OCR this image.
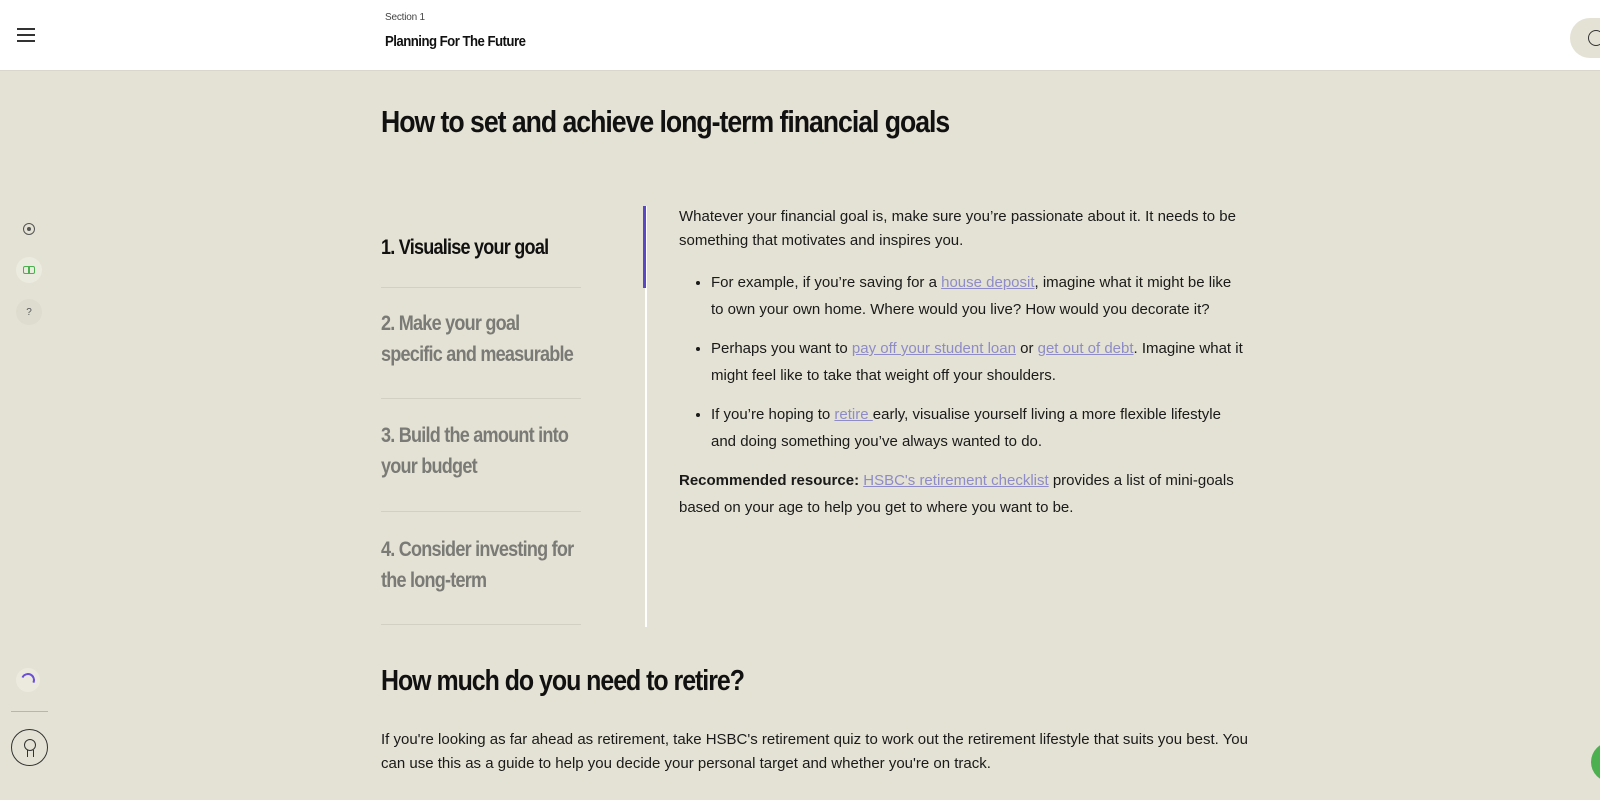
Section 1
Planning For The Future
?
How to set and achieve long-term financial goals
1. Visualise your goal
2. Make your goal specific and measurable
3. Build the amount into your budget
4. Consider investing for the long-term

Whatever your financial goal is, make sure you’re passionate about it. It needs to be something that motivates and inspires you.

• For example, if you’re saving for a house deposit, imagine what it might be like to own your own home. Where would you live? How would you decorate it?
• Perhaps you want to pay off your student loan or get out of debt. Imagine what it might feel like to take that weight off your shoulders.
• If you’re hoping to retire early, visualise yourself living a more flexible lifestyle and doing something you’ve always wanted to do.

Recommended resource: HSBC's retirement checklist provides a list of mini-goals based on your age to help you get to where you want to be.

How much do you need to retire?

If you're looking as far ahead as retirement, take HSBC's retirement quiz to work out the retirement lifestyle that suits you best. You can use this as a guide to help you decide your personal target and whether you're on track.
